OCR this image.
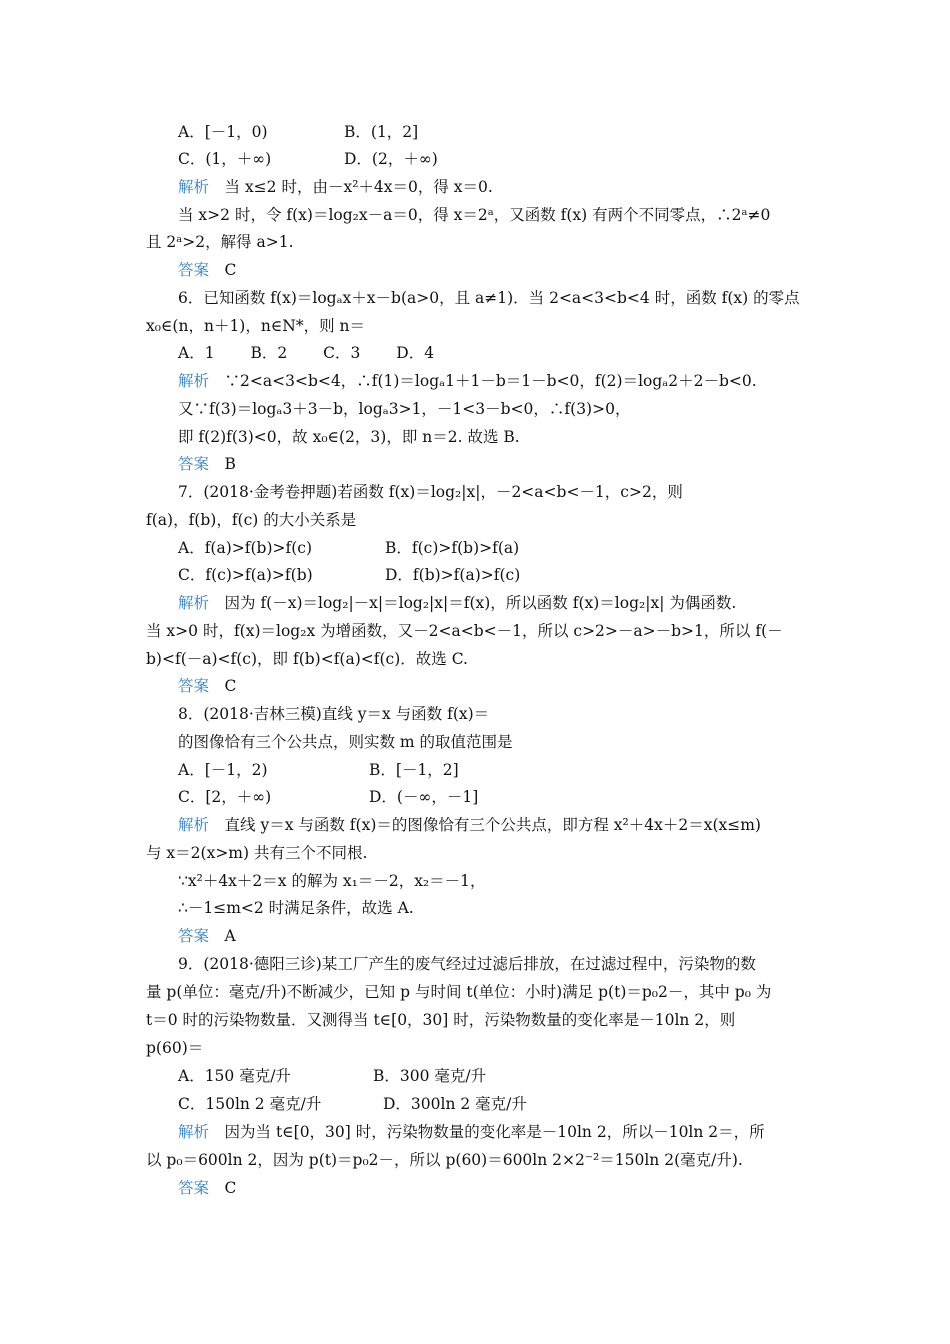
A．[－1，0)	B．(1，2]
C．(1，＋∞)	D．(2，＋∞)
解析　当 x≤2 时，由－x²＋4x＝0，得 x＝0.
当 x>2 时，令 f(x)＝log₂x－a＝0，得 x＝2ᵃ，又函数 f(x) 有两个不同零点，∴2ᵃ≠0
且 2ᵃ>2，解得 a>1.
答案　C
6．已知函数 f(x)＝logₐx＋x－b(a>0，且 a≠1)．当 2<a<3<b<4 时，函数 f(x) 的零点
x₀∈(n，n＋1)，n∈N*，则 n＝
A．1　　 B．2　　 C．3　　 D．4
解析　∵2<a<3<b<4，∴f(1)＝logₐ1＋1－b＝1－b<0，f(2)＝logₐ2＋2－b<0.
又∵f(3)＝logₐ3＋3－b，logₐ3>1，－1<3－b<0，∴f(3)>0，
即 f(2)f(3)<0，故 x₀∈(2，3)，即 n＝2. 故选 B.
答案　B
7．(2018·金考卷押题)若函数 f(x)＝log₂|x|，－2<a<b<－1，c>2，则
f(a)，f(b)，f(c) 的大小关系是
A．f(a)>f(b)>f(c)	B．f(c)>f(b)>f(a)
C．f(c)>f(a)>f(b)	D．f(b)>f(a)>f(c)
解析　因为 f(－x)＝log₂|－x|＝log₂|x|＝f(x)，所以函数 f(x)＝log₂|x| 为偶函数.
当 x>0 时，f(x)＝log₂x 为增函数，又－2<a<b<－1，所以 c>2>－a>－b>1，所以 f(－
b)<f(－a)<f(c)，即 f(b)<f(a)<f(c)．故选 C.
答案　C
8．(2018·吉林三模)直线 y＝x 与函数 f(x)＝
的图像恰有三个公共点，则实数 m 的取值范围是
A．[－1，2)	B．[－1，2]
C．[2，＋∞)	D．(－∞，－1]
解析　直线 y＝x 与函数 f(x)＝的图像恰有三个公共点，即方程 x²＋4x＋2＝x(x≤m)
与 x＝2(x>m) 共有三个不同根.
∵x²＋4x＋2＝x 的解为 x₁＝－2，x₂＝－1，
∴－1≤m<2 时满足条件，故选 A.
答案　A
9．(2018·德阳三诊)某工厂产生的废气经过过滤后排放，在过滤过程中，污染物的数
量 p(单位：毫克/升)不断减少，已知 p 与时间 t(单位：小时)满足 p(t)＝p₀2－，其中 p₀ 为
t＝0 时的污染物数量．又测得当 t∈[0，30] 时，污染物数量的变化率是－10ln 2，则
p(60)＝
A．150 毫克/升	B．300 毫克/升
C．150ln 2 毫克/升	D．300ln 2 毫克/升
解析　因为当 t∈[0，30] 时，污染物数量的变化率是－10ln 2，所以－10ln 2＝，所
以 p₀＝600ln 2，因为 p(t)＝p₀2－，所以 p(60)＝600ln 2×2⁻²＝150ln 2(毫克/升).
答案　C
